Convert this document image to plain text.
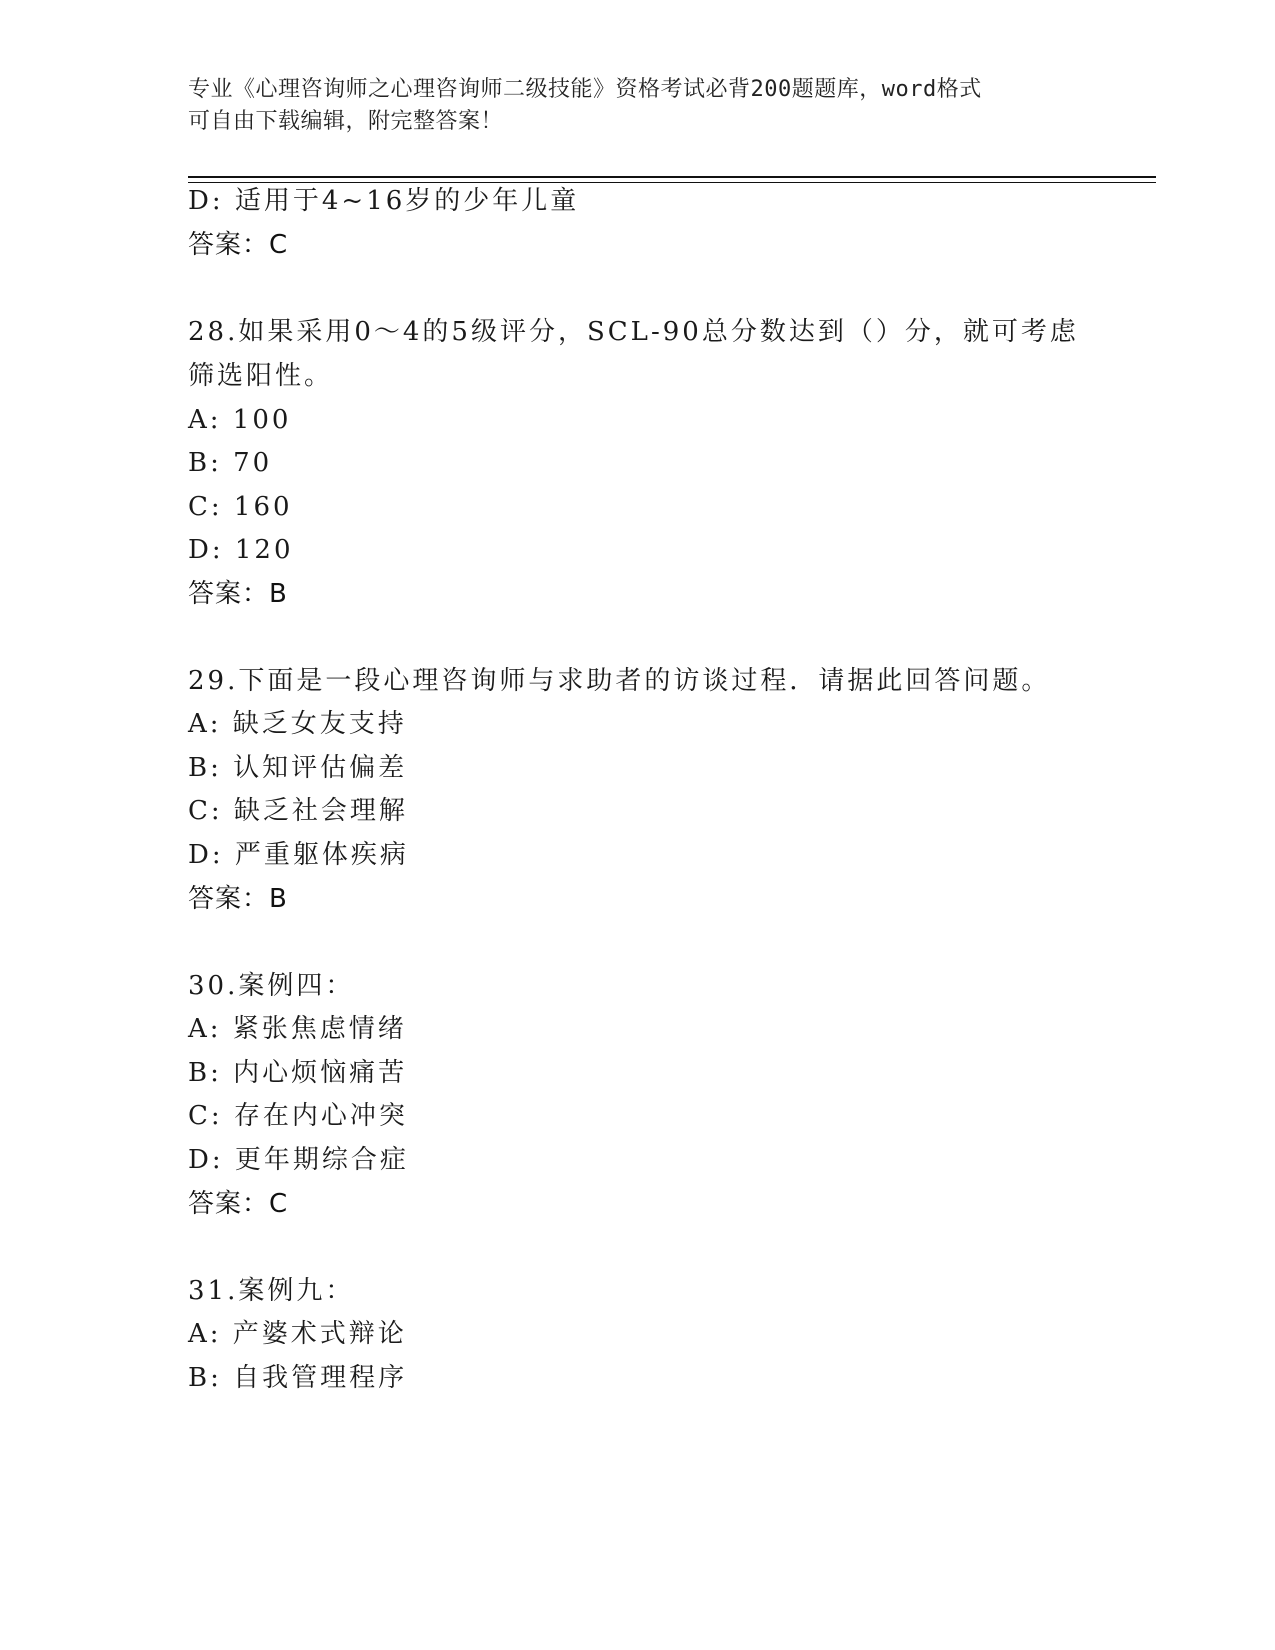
专业《心理咨询师之心理咨询师二级技能》资格考试必背200题题库，word格式

可自由下载编辑，附完整答案！

D: 适用于4~16岁的少年儿童
答案：C
28.如果采用0～4的5级评分，SCL-90总分数达到（）分，就可考虑
筛选阳性。
A: 100
B: 70
C: 160
D: 120
答案：B
29.下面是一段心理咨询师与求助者的访谈过程．请据此回答问题。
A: 缺乏女友支持
B: 认知评估偏差
C: 缺乏社会理解
D: 严重躯体疾病
答案：B
30.案例四：
A: 紧张焦虑情绪
B: 内心烦恼痛苦
C: 存在内心冲突
D: 更年期综合症
答案：C
31.案例九：
A: 产婆术式辩论
B: 自我管理程序
